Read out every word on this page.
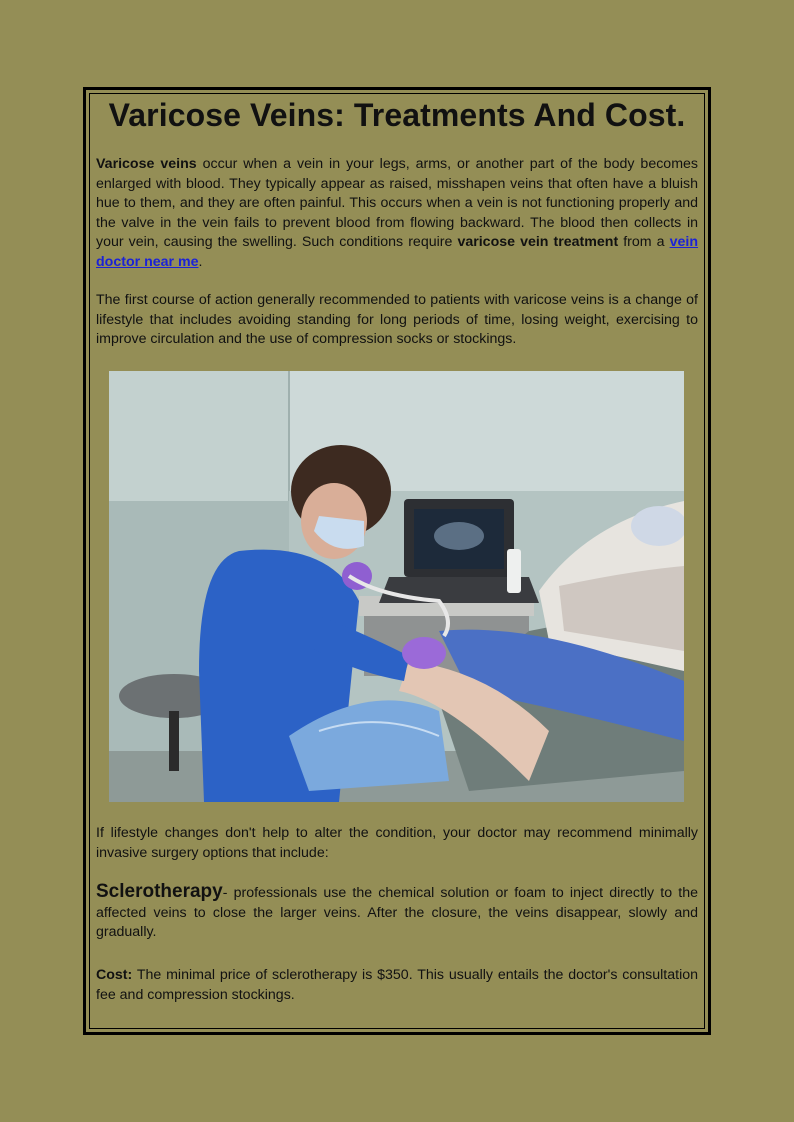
Varicose Veins: Treatments And Cost.

Varicose veins occur when a vein in your legs, arms, or another part of the body becomes enlarged with blood. They typically appear as raised, misshapen veins that often have a bluish hue to them, and they are often painful. This occurs when a vein is not functioning properly and the valve in the vein fails to prevent blood from flowing backward. The blood then collects in your vein, causing the swelling. Such conditions require varicose vein treatment from a vein doctor near me.

The first course of action generally recommended to patients with varicose veins is a change of lifestyle that includes avoiding standing for long periods of time, losing weight, exercising to improve circulation and the use of compression socks or stockings.

If lifestyle changes don't help to alter the condition, your doctor may recommend minimally invasive surgery options that include:

Sclerotherapy- professionals use the chemical solution or foam to inject directly to the affected veins to close the larger veins. After the closure, the veins disappear, slowly and gradually.

Cost: The minimal price of sclerotherapy is $350. This usually entails the doctor's consultation fee and compression stockings.
